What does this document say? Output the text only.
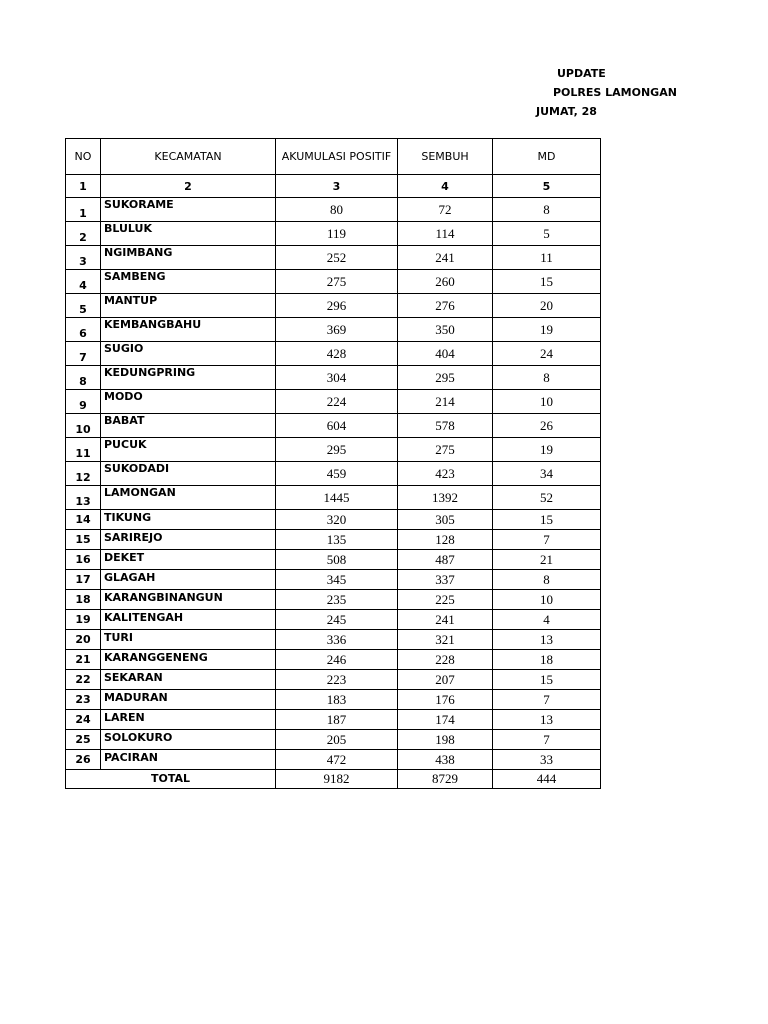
UPDATE
POLRES LAMONGAN
JUMAT, 28
NO	KECAMATAN	AKUMULASI POSITIF	SEMBUH	MD
1	2	3	4	5
1	SUKORAME	80	72	8
2	BLULUK	119	114	5
3	NGIMBANG	252	241	11
4	SAMBENG	275	260	15
5	MANTUP	296	276	20
6	KEMBANGBAHU	369	350	19
7	SUGIO	428	404	24
8	KEDUNGPRING	304	295	8
9	MODO	224	214	10
10	BABAT	604	578	26
11	PUCUK	295	275	19
12	SUKODADI	459	423	34
13	LAMONGAN	1445	1392	52
14	TIKUNG	320	305	15
15	SARIREJO	135	128	7
16	DEKET	508	487	21
17	GLAGAH	345	337	8
18	KARANGBINANGUN	235	225	10
19	KALITENGAH	245	241	4
20	TURI	336	321	13
21	KARANGGENENG	246	228	18
22	SEKARAN	223	207	15
23	MADURAN	183	176	7
24	LAREN	187	174	13
25	SOLOKURO	205	198	7
26	PACIRAN	472	438	33
TOTAL		9182	8729	444
